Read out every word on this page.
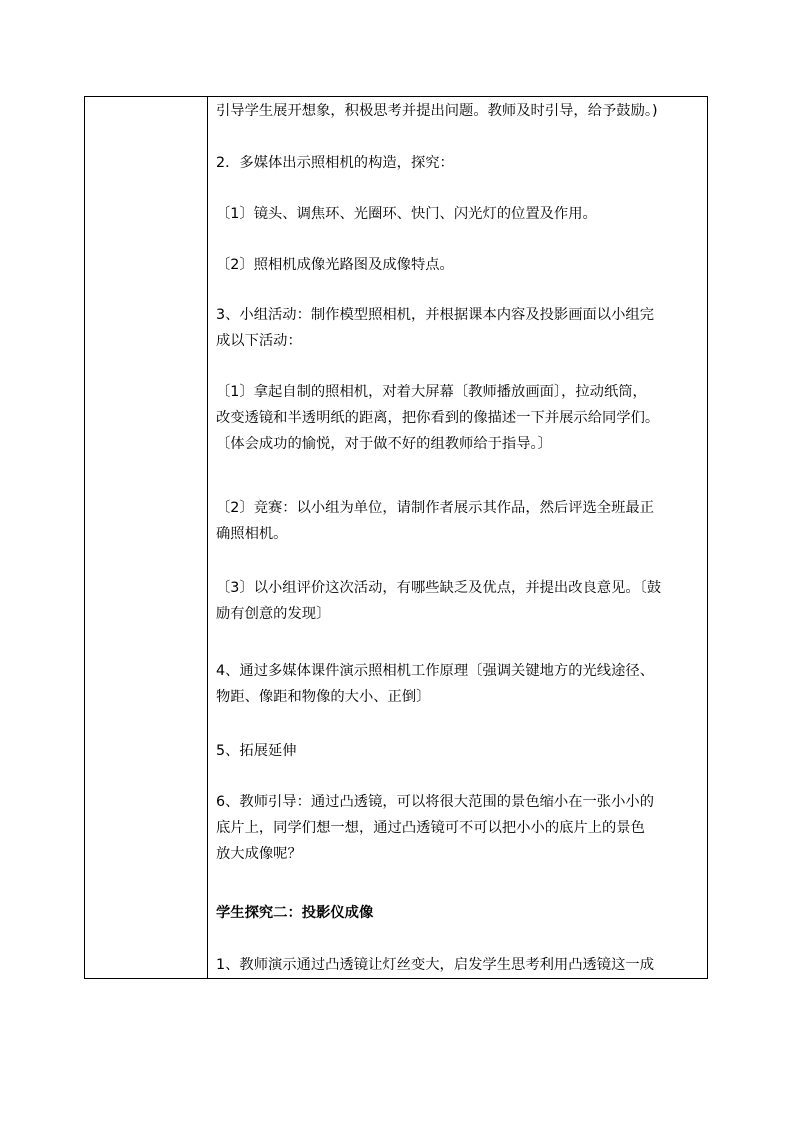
引导学生展开想象，积极思考并提出问题。教师及时引导，给予鼓励。)
2．多媒体出示照相机的构造，探究：
〔1〕镜头、调焦环、光圈环、快门、闪光灯的位置及作用。
〔2〕照相机成像光路图及成像特点。
3、小组活动：制作模型照相机，并根据课本内容及投影画面以小组完
成以下活动：
〔1〕拿起自制的照相机，对着大屏幕〔教师播放画面〕，拉动纸筒，
改变透镜和半透明纸的距离，把你看到的像描述一下并展示给同学们。
〔体会成功的愉悦，对于做不好的组教师给于指导。〕
〔2〕竞赛：以小组为单位，请制作者展示其作品，然后评选全班最正
确照相机。
〔3〕以小组评价这次活动，有哪些缺乏及优点，并提出改良意见。〔鼓
励有创意的发现〕
4、通过多媒体课件演示照相机工作原理〔强调关键地方的光线途径、
物距、像距和物像的大小、正倒〕
5、拓展延伸
6、教师引导：通过凸透镜，可以将很大范围的景色缩小在一张小小的
底片上，同学们想一想，通过凸透镜可不可以把小小的底片上的景色
放大成像呢？
学生探究二：投影仪成像
1、教师演示通过凸透镜让灯丝变大，启发学生思考利用凸透镜这一成
